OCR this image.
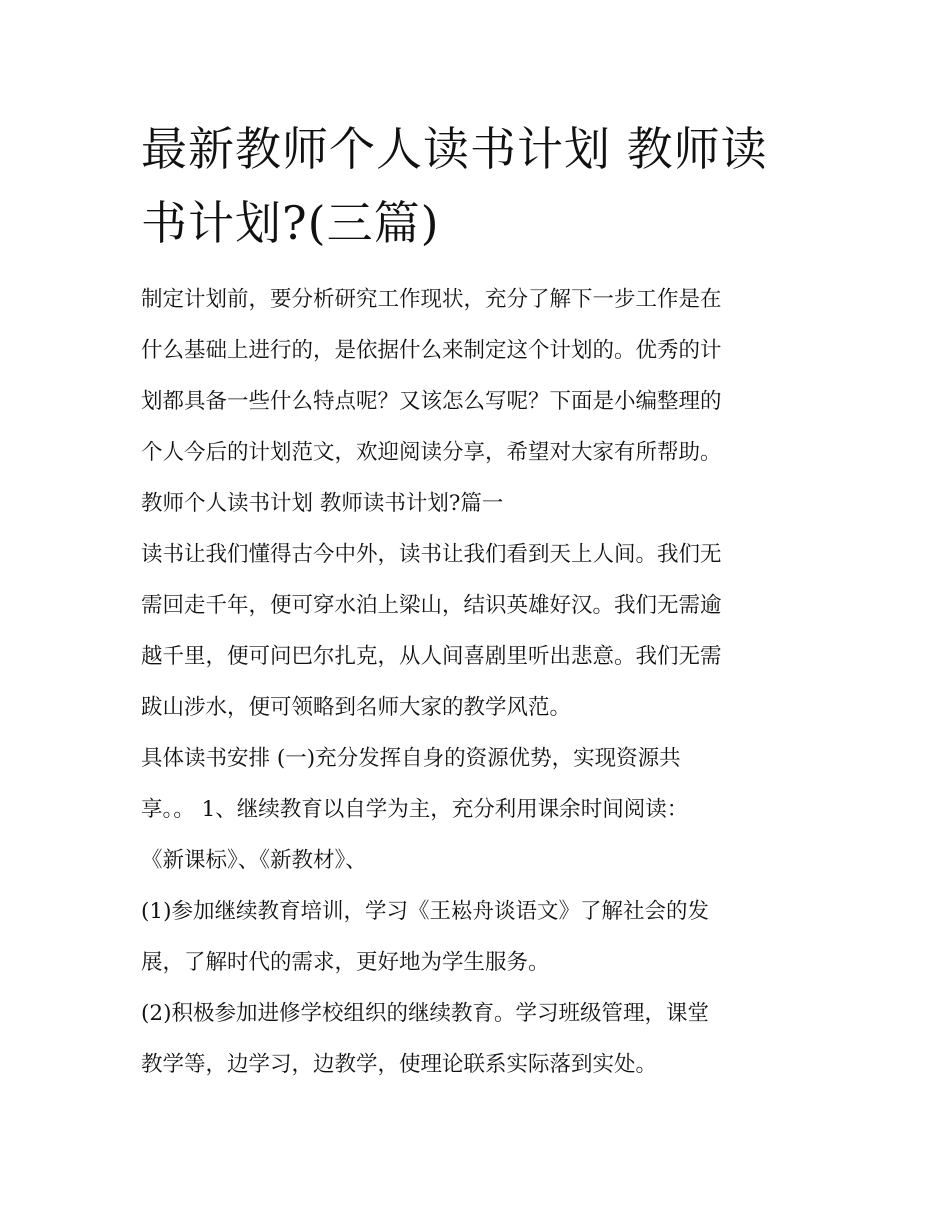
最新教师个人读书计划 教师读
书计划?(三篇)

制定计划前，要分析研究工作现状，充分了解下一步工作是在
什么基础上进行的，是依据什么来制定这个计划的。优秀的计
划都具备一些什么特点呢？又该怎么写呢？下面是小编整理的
个人今后的计划范文，欢迎阅读分享，希望对大家有所帮助。

教师个人读书计划 教师读书计划?篇一

读书让我们懂得古今中外，读书让我们看到天上人间。我们无
需回走千年，便可穿水泊上梁山，结识英雄好汉。我们无需逾
越千里，便可问巴尔扎克，从人间喜剧里听出悲意。我们无需
跋山涉水，便可领略到名师大家的教学风范。

具体读书安排 (一)充分发挥自身的资源优势，实现资源共
享。。 1、继续教育以自学为主，充分利用课余时间阅读：
《新课标》、《新教材》、

(1)参加继续教育培训，学习《王崧舟谈语文》了解社会的发
展，了解时代的需求，更好地为学生服务。

(2)积极参加进修学校组织的继续教育。学习班级管理，课堂
教学等，边学习，边教学，使理论联系实际落到实处。
